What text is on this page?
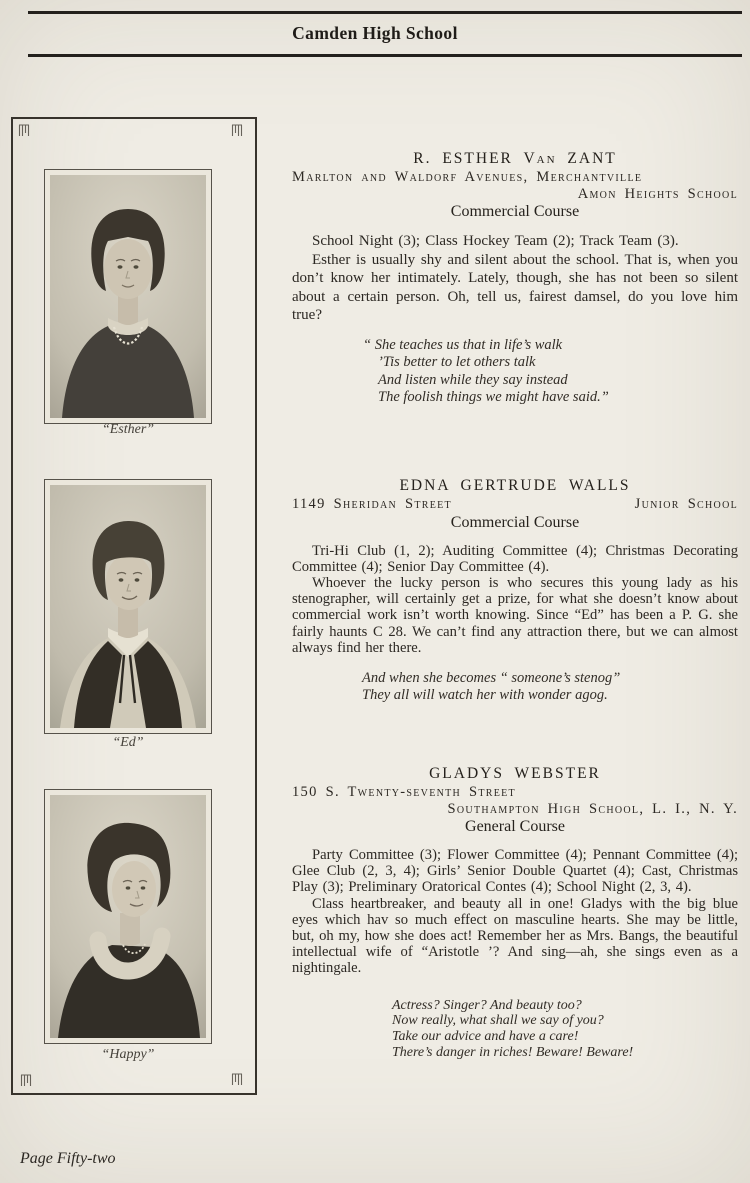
Camden High School
“Esther”
“Ed”
“Happy”
R. ESTHER Van ZANT
Marlton and Waldorf Avenues, Merchantville
Amon Heights School
Commercial Course

School Night (3); Class Hockey Team (2); Track Team (3).

Esther is usually shy and silent about the school. That is, when you don’t know her intimately. Lately, though, she has not been so silent about a certain person. Oh, tell us, fairest damsel, do you love him true?

“ She teaches us that in life’s walk
’Tis better to let others talk
And listen while they say instead
The foolish things we might have said.”
EDNA GERTRUDE WALLS
1149 Sheridan Street	Junior School
Commercial Course

Tri-Hi Club (1, 2); Auditing Committee (4); Christmas Decorating Committee (4); Senior Day Committee (4).

Whoever the lucky person is who secures this young lady as his stenographer, will certainly get a prize, for what she doesn’t know about commercial work isn’t worth knowing. Since “Ed” has been a P. G. she fairly haunts C 28. We can’t find any attraction there, but we can almost always find her there.

And when she becomes “ someone’s stenog”
They all will watch her with wonder agog.
GLADYS WEBSTER
150 S. Twenty-seventh Street
Southampton High School, L. I., N. Y.
General Course

Party Committee (3); Flower Committee (4); Pennant Committee (4); Glee Club (2, 3, 4); Girls’ Senior Double Quartet (4); Cast, Christmas Play (3); Preliminary Oratorical Contes (4); School Night (2, 3, 4).

Class heartbreaker, and beauty all in one! Gladys with the big blue eyes which hav so much effect on masculine hearts. She may be little, but, oh my, how she does act! Remember her as Mrs. Bangs, the beautiful intellectual wife of “Aristotle ’? And sing—ah, she sings even as a nightingale.

Actress? Singer? And beauty too?
Now really, what shall we say of you?
Take our advice and have a care!
There’s danger in riches! Beware! Beware!
Page Fifty-two
